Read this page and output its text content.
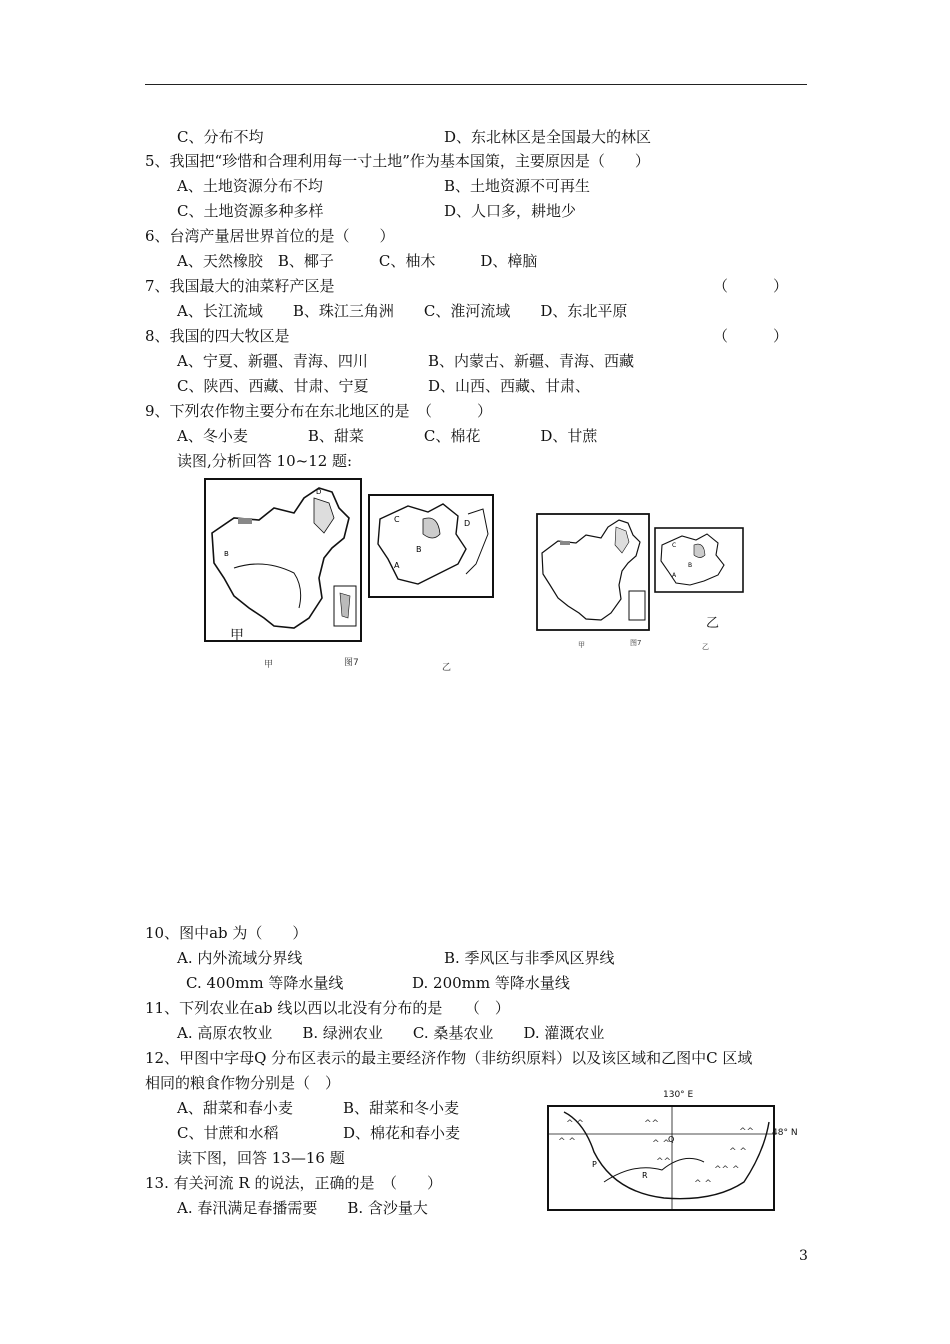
C、分布不均	D、东北林区是全国最大的林区
5、我国把“珍惜和合理利用每一寸土地”作为基本国策，主要原因是（　　）
A、土地资源分布不均	B、土地资源不可再生
C、土地资源多种多样	D、人口多，耕地少
6、台湾产量居世界首位的是（　　）
A、天然橡胶　B、椰子　　　C、柚木　　　D、樟脑
7、我国最大的油菜籽产区是	（　　　）
A、长江流域　　B、珠江三角洲　　C、淮河流域　　D、东北平原
8、我国的四大牧区是	（　　　）
A、宁夏、新疆、青海、四川	B、内蒙古、新疆、青海、西藏
C、陕西、西藏、甘肃、宁夏	D、山西、西藏、甘肃、
9、下列农作物主要分布在东北地区的是　（　　　）
A、冬小麦　　　　B、甜菜　　　　C、棉花　　　　D、甘蔗
读图,分析回答 10~12 题:
D
B
C
B
A
D
甲
甲	图7	乙
C
B
A
乙
甲	图7	乙
10、图中ab 为（　　）
A. 内外流域分界线	B. 季风区与非季风区界线
C. 400mm 等降水量线	D. 200mm 等降水量线
11、下列农业在ab 线以西以北没有分布的是　　（　）
A. 高原农牧业　　B. 绿洲农业　　C. 桑基农业　　D. 灌溉农业
12、甲图中字母Q 分布区表示的最主要经济作物（非纺织原料）以及该区域和乙图中C 区域
相同的粮食作物分别是（　）
A、甜菜和春小麦	B、甜菜和冬小麦
C、甘蔗和水稻	D、棉花和春小麦
读下图，回答 13—16 题
13. 有关河流 R 的说法，正确的是　（　　）
A. 春汛满足春播需要　　B. 含沙量大
^ ^
^ ^
^^
^ ^
^^
^ ^
^^ ^
^ ^
^^
P
Q
R
130° E
48° N
3
